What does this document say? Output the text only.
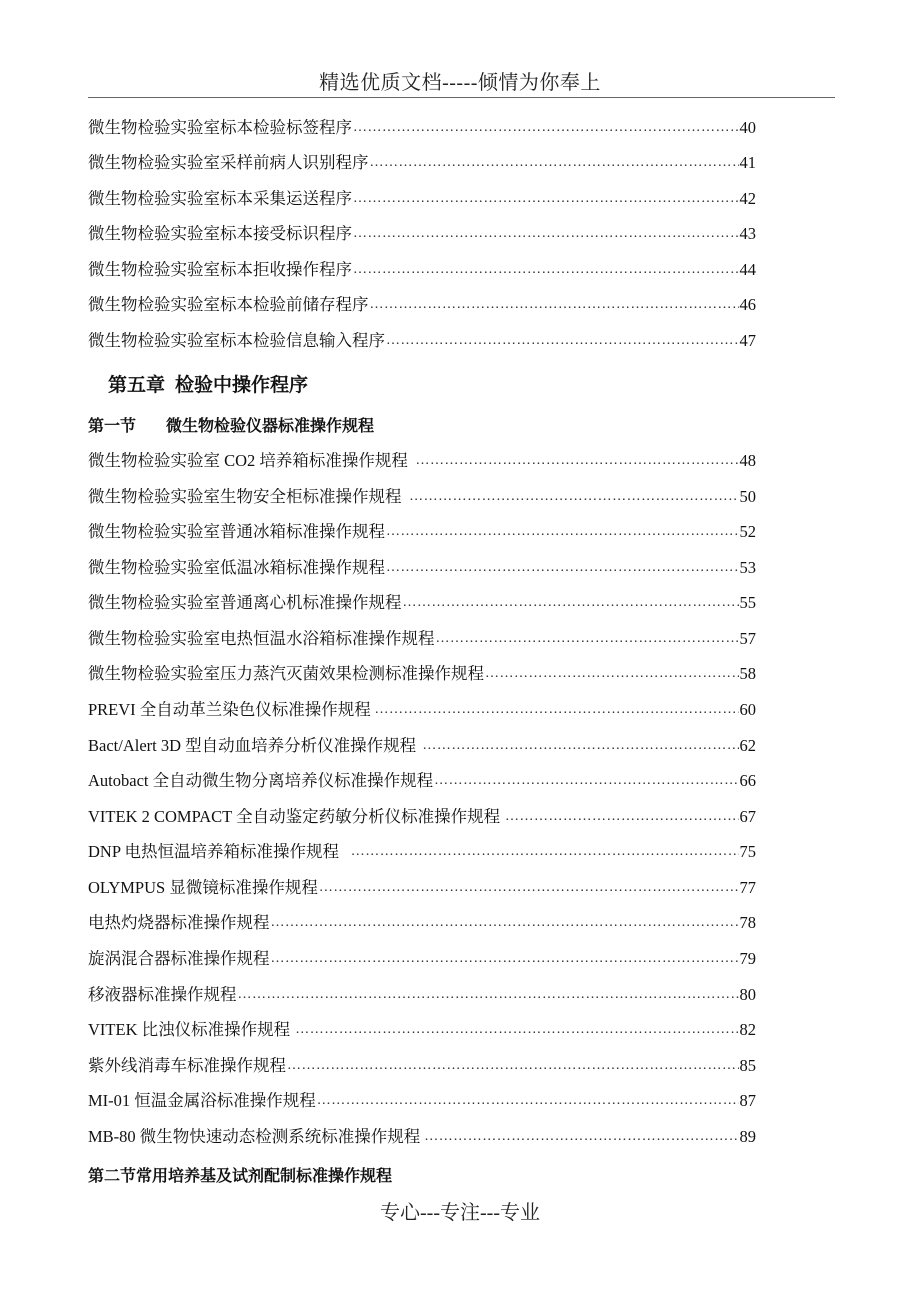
精选优质文档-----倾情为你奉上
微生物检验实验室标本检验标签程序 ………………………………………………………………………………………………………………………………………………………………………………………………………	40
微生物检验实验室采样前病人识别程序 ………………………………………………………………………………………………………………………………………………………………………………………………………	41
微生物检验实验室标本采集运送程序 ………………………………………………………………………………………………………………………………………………………………………………………………………	42
微生物检验实验室标本接受标识程序 ………………………………………………………………………………………………………………………………………………………………………………………………………	43
微生物检验实验室标本拒收操作程序 ………………………………………………………………………………………………………………………………………………………………………………………………………	44
微生物检验实验室标本检验前储存程序 ………………………………………………………………………………………………………………………………………………………………………………………………………	46
微生物检验实验室标本检验信息输入程序 ………………………………………………………………………………………………………………………………………………………………………………………………………	47
第五章 检验中操作程序
第一节 微生物检验仪器标准操作规程
微生物检验实验室 CO2 培养箱标准操作规程 ………………………………………………………………………………………………………………………………………………………………………………………………………	48
微生物检验实验室生物安全柜标准操作规程 ………………………………………………………………………………………………………………………………………………………………………………………………………	50
微生物检验实验室普通冰箱标准操作规程 ………………………………………………………………………………………………………………………………………………………………………………………………………	52
微生物检验实验室低温冰箱标准操作规程 ………………………………………………………………………………………………………………………………………………………………………………………………………	53
微生物检验实验室普通离心机标准操作规程 ………………………………………………………………………………………………………………………………………………………………………………………………………	55
微生物检验实验室电热恒温水浴箱标准操作规程 ………………………………………………………………………………………………………………………………………………………………………………………………………	57
微生物检验实验室压力蒸汽灭菌效果检测标准操作规程 ………………………………………………………………………………………………………………………………………………………………………………………………………	58
PREVI 全自动革兰染色仪标准操作规程 ………………………………………………………………………………………………………………………………………………………………………………………………………	60
Bact/Alert 3D 型自动血培养分析仪准操作规程 ………………………………………………………………………………………………………………………………………………………………………………………………………	62
Autobact 全自动微生物分离培养仪标准操作规程 ………………………………………………………………………………………………………………………………………………………………………………………………………	66
VITEK 2 COMPACT 全自动鉴定药敏分析仪标准操作规程 ………………………………………………………………………………………………………………………………………………………………………………………………………	67
DNP 电热恒温培养箱标准操作规程 ………………………………………………………………………………………………………………………………………………………………………………………………………	75
OLYMPUS 显微镜标准操作规程 ………………………………………………………………………………………………………………………………………………………………………………………………………	77
电热灼烧器标准操作规程 ………………………………………………………………………………………………………………………………………………………………………………………………………	78
旋涡混合器标准操作规程 ………………………………………………………………………………………………………………………………………………………………………………………………………	79
移液器标准操作规程 ………………………………………………………………………………………………………………………………………………………………………………………………………	80
VITEK 比浊仪标准操作规程 ………………………………………………………………………………………………………………………………………………………………………………………………………	82
紫外线消毒车标准操作规程 ………………………………………………………………………………………………………………………………………………………………………………………………………	85
MI-01 恒温金属浴标准操作规程 ………………………………………………………………………………………………………………………………………………………………………………………………………	87
MB-80 微生物快速动态检测系统标准操作规程 ………………………………………………………………………………………………………………………………………………………………………………………………………	89
第二节常用培养基及试剂配制标准操作规程
专心---专注---专业
